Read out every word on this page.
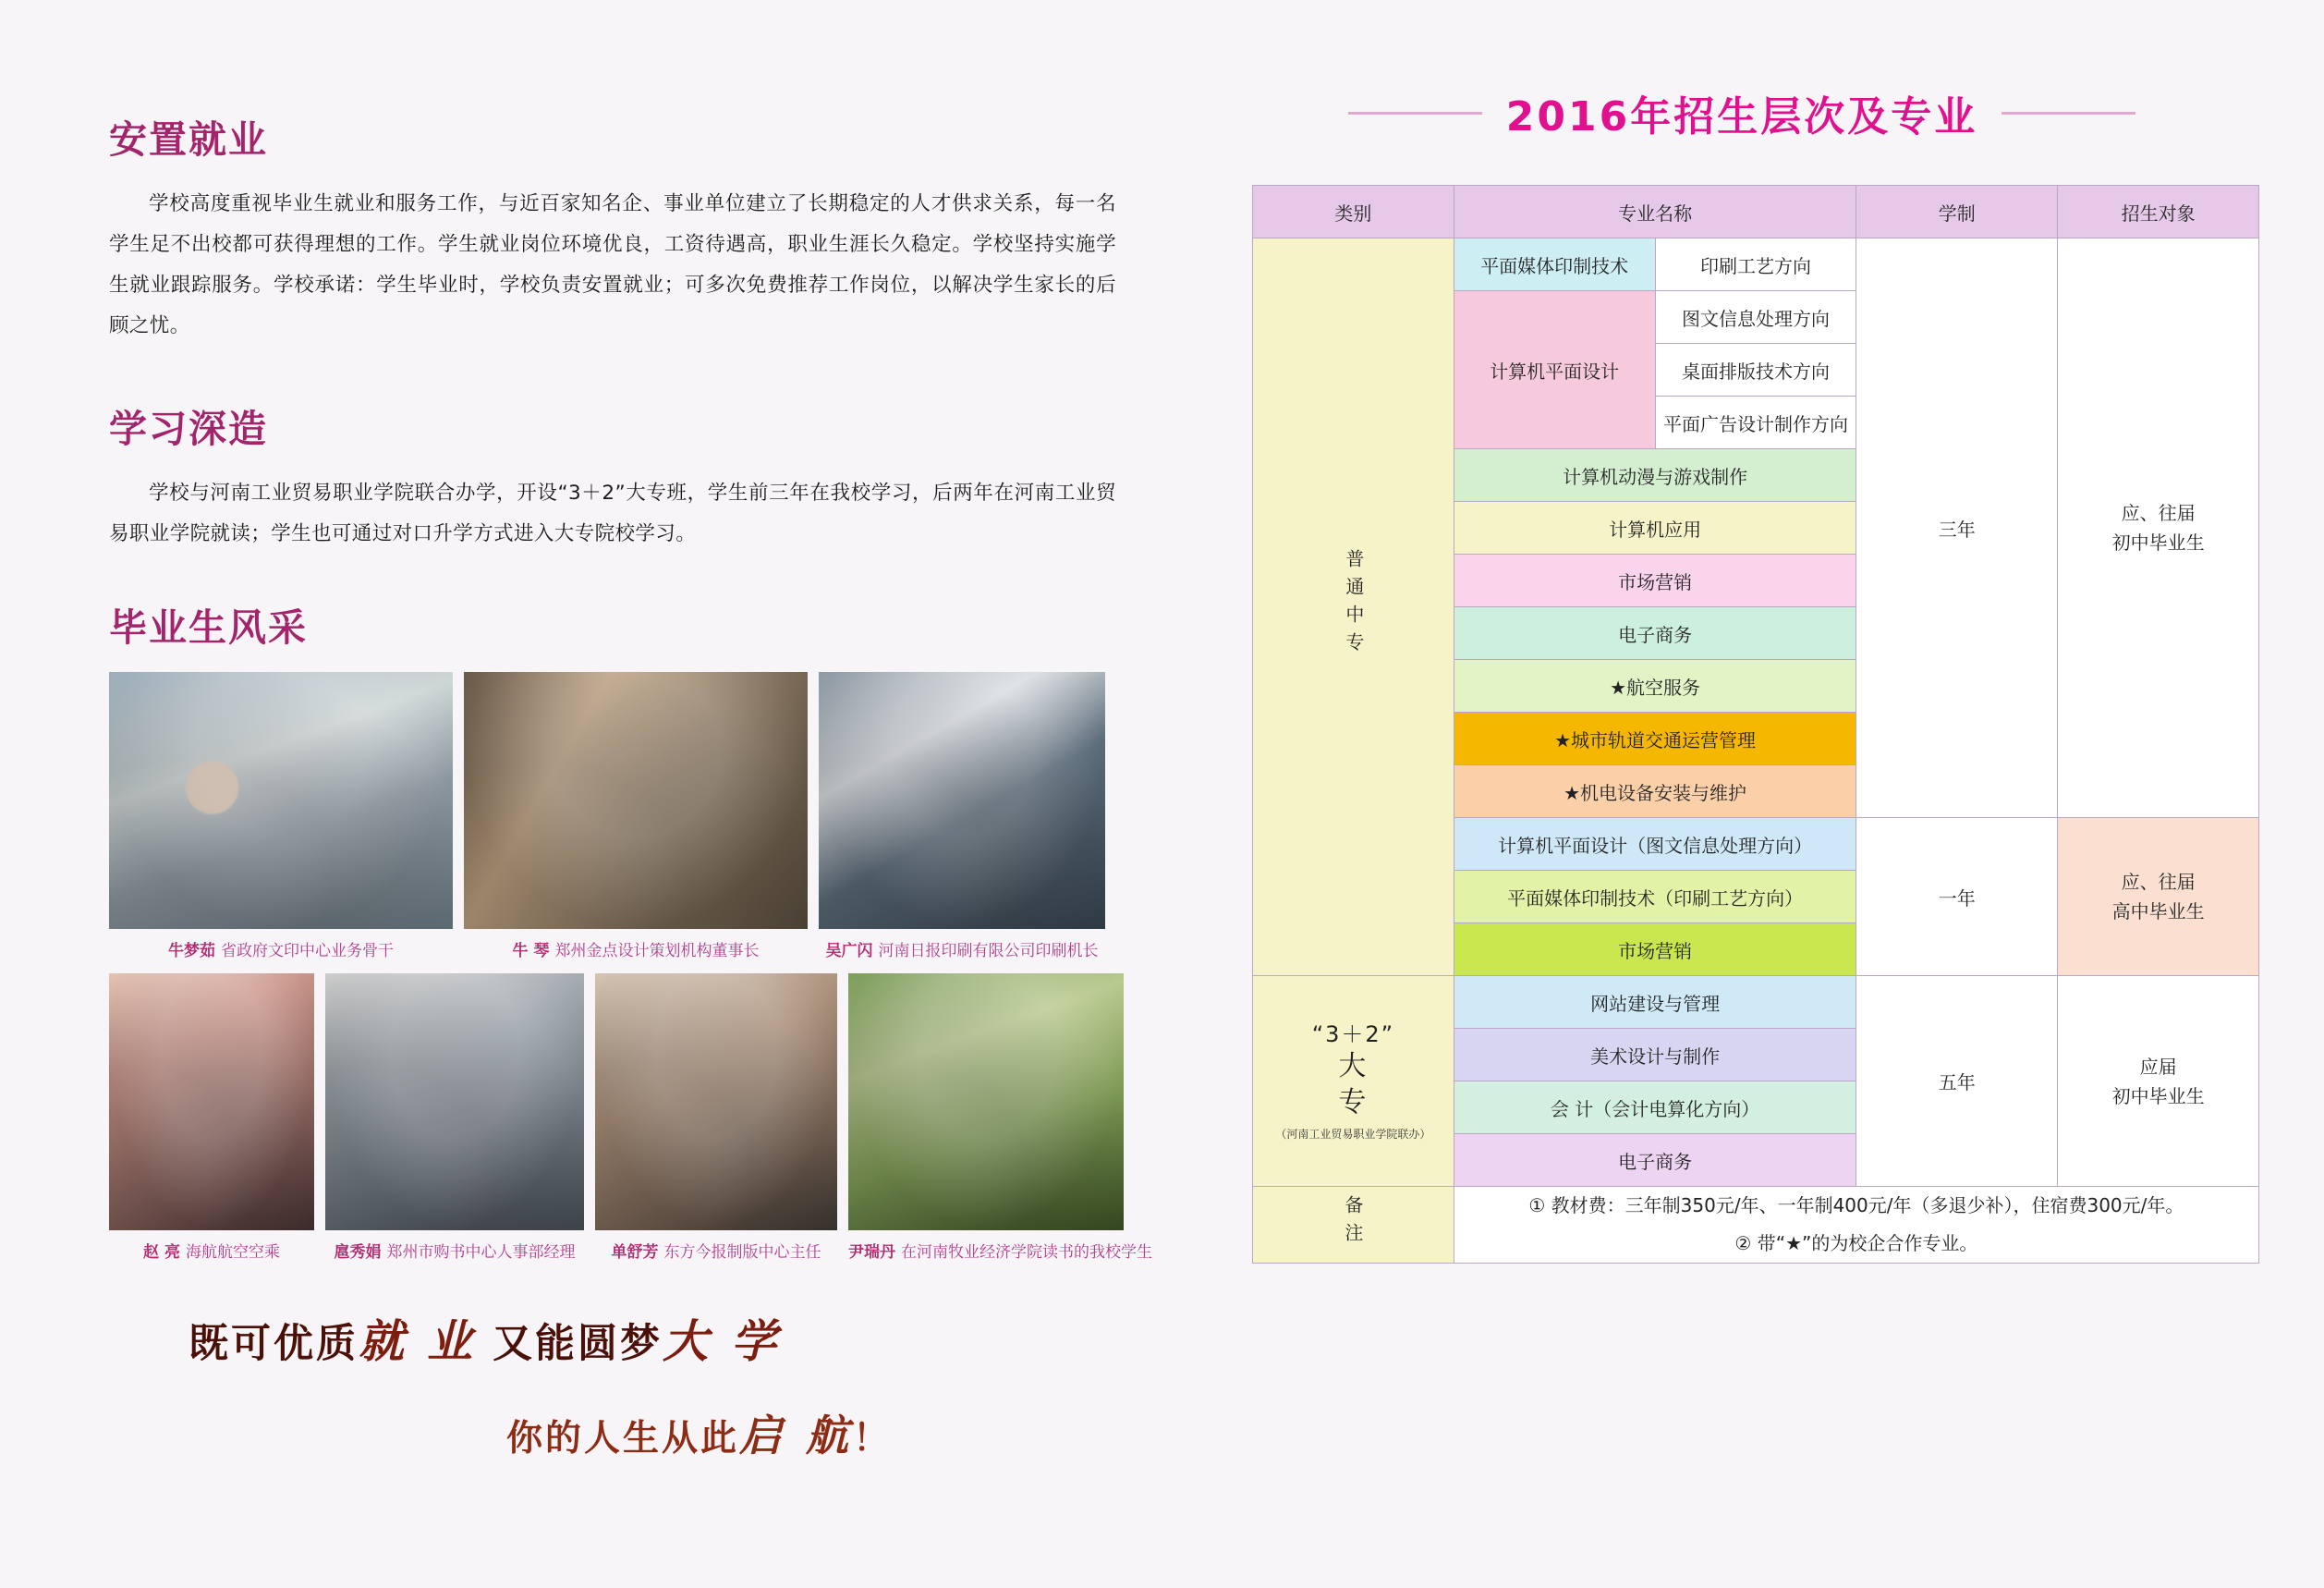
安置就业

学校高度重视毕业生就业和服务工作，与近百家知名企、事业单位建立了长期稳定的人才供求关系，每一名学生足不出校都可获得理想的工作。学生就业岗位环境优良，工资待遇高，职业生涯长久稳定。学校坚持实施学生就业跟踪服务。学校承诺：学生毕业时，学校负责安置就业；可多次免费推荐工作岗位，以解决学生家长的后顾之忧。

学习深造

学校与河南工业贸易职业学院联合办学，开设“3＋2”大专班，学生前三年在我校学习，后两年在河南工业贸易职业学院就读；学生也可通过对口升学方式进入大专院校学习。

毕业生风采
牛梦茹 省政府文印中心业务骨干	牛 琴 郑州金点设计策划机构董事长	吴广闪 河南日报印刷有限公司印刷机长
赵 亮 海航航空空乘	扈秀娟 郑州市购书中心人事部经理	单舒芳 东方今报制版中心主任	尹瑞丹 在河南牧业经济学院读书的我校学生
既可优质就 业 又能圆梦大 学
你的人生从此启 航！
2016年招生层次及专业
类别	专业名称		学制	招生对象
普通中专	平面媒体印制技术	印刷工艺方向	三年	应、往届
初中毕业生
	计算机平面设计	图文信息处理方向		
		桌面排版技术方向		
		平面广告设计制作方向		
	计算机动漫与游戏制作			
	计算机应用			
	市场营销			
	电子商务			
	★航空服务			
	★城市轨道交通运营管理			
	★机电设备安装与维护			
	计算机平面设计（图文信息处理方向）		一年	应、往届
高中毕业生
	平面媒体印制技术（印刷工艺方向）			
	市场营销			

“3＋2”
大
专
（河南工业贸易职业学院联办）	网站建设与管理		五年	应届
初中毕业生
	美术设计与制作			
	会 计（会计电算化方向）			
	电子商务			
备注	① 教材费：三年制350元/年、一年制400元/年（多退少补），住宿费300元/年。
② 带“★”的为校企合作专业。			
